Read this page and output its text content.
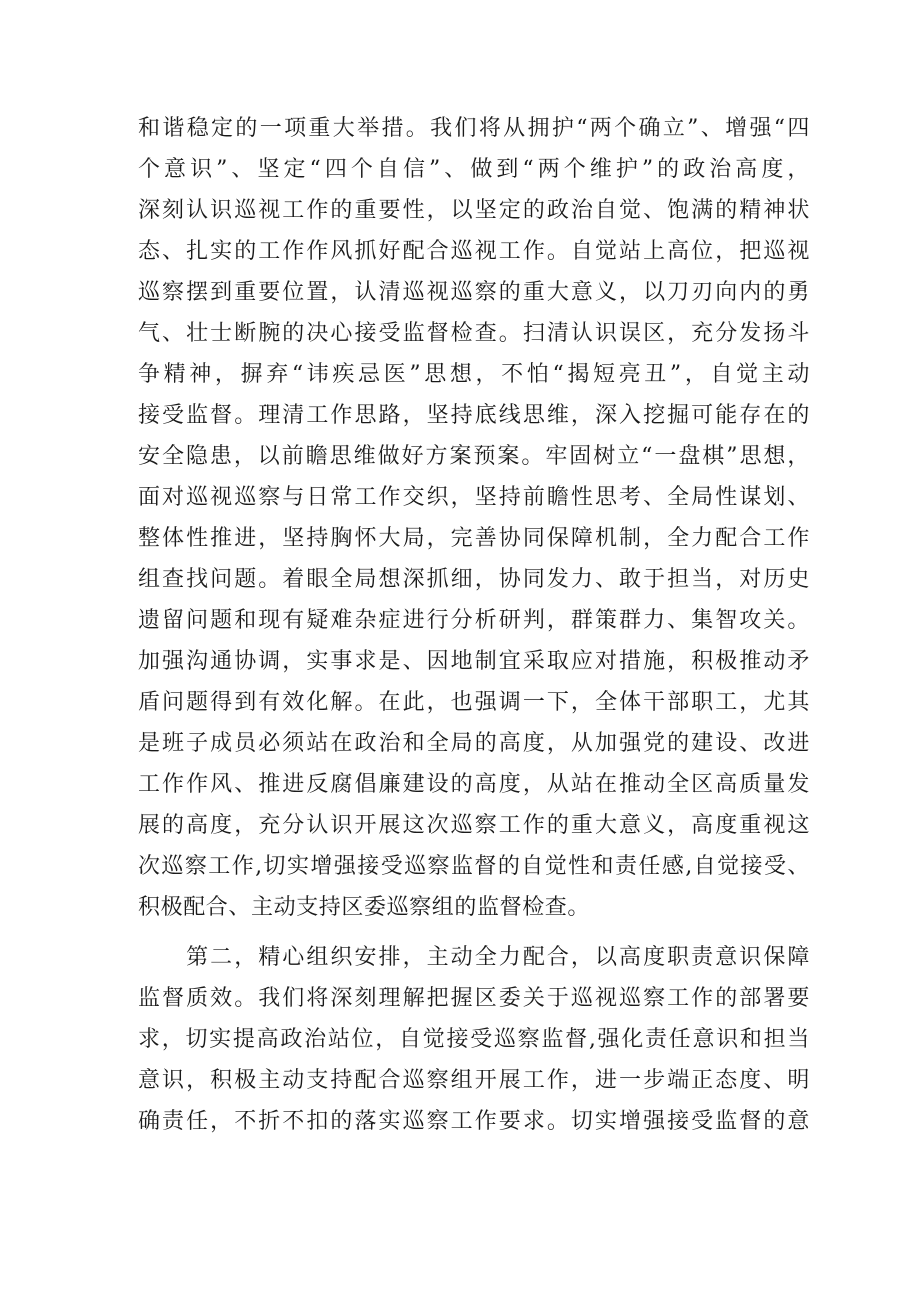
和谐稳定的一项重大举措。我们将从拥护“两个确立”、增强“四
个意识”、坚定“四个自信”、做到“两个维护”的政治高度，
深刻认识巡视工作的重要性，以坚定的政治自觉、饱满的精神状
态、扎实的工作作风抓好配合巡视工作。自觉站上高位，把巡视
巡察摆到重要位置，认清巡视巡察的重大意义，以刀刃向内的勇
气、壮士断腕的决心接受监督检查。扫清认识误区，充分发扬斗
争精神，摒弃“讳疾忌医”思想，不怕“揭短亮丑”，自觉主动
接受监督。理清工作思路，坚持底线思维，深入挖掘可能存在的
安全隐患，以前瞻思维做好方案预案。牢固树立“一盘棋”思想，
面对巡视巡察与日常工作交织，坚持前瞻性思考、全局性谋划、
整体性推进，坚持胸怀大局，完善协同保障机制，全力配合工作
组查找问题。着眼全局想深抓细，协同发力、敢于担当，对历史
遗留问题和现有疑难杂症进行分析研判，群策群力、集智攻关。
加强沟通协调，实事求是、因地制宜采取应对措施，积极推动矛
盾问题得到有效化解。在此，也强调一下，全体干部职工，尤其
是班子成员必须站在政治和全局的高度，从加强党的建设、改进
工作作风、推进反腐倡廉建设的高度，从站在推动全区高质量发
展的高度，充分认识开展这次巡察工作的重大意义，高度重视这
次巡察工作,切实增强接受巡察监督的自觉性和责任感,自觉接受、
积极配合、主动支持区委巡察组的监督检查。
　　第二，精心组织安排，主动全力配合，以高度职责意识保障
监督质效。我们将深刻理解把握区委关于巡视巡察工作的部署要
求，切实提高政治站位，自觉接受巡察监督,强化责任意识和担当
意识，积极主动支持配合巡察组开展工作，进一步端正态度、明
确责任，不折不扣的落实巡察工作要求。切实增强接受监督的意
